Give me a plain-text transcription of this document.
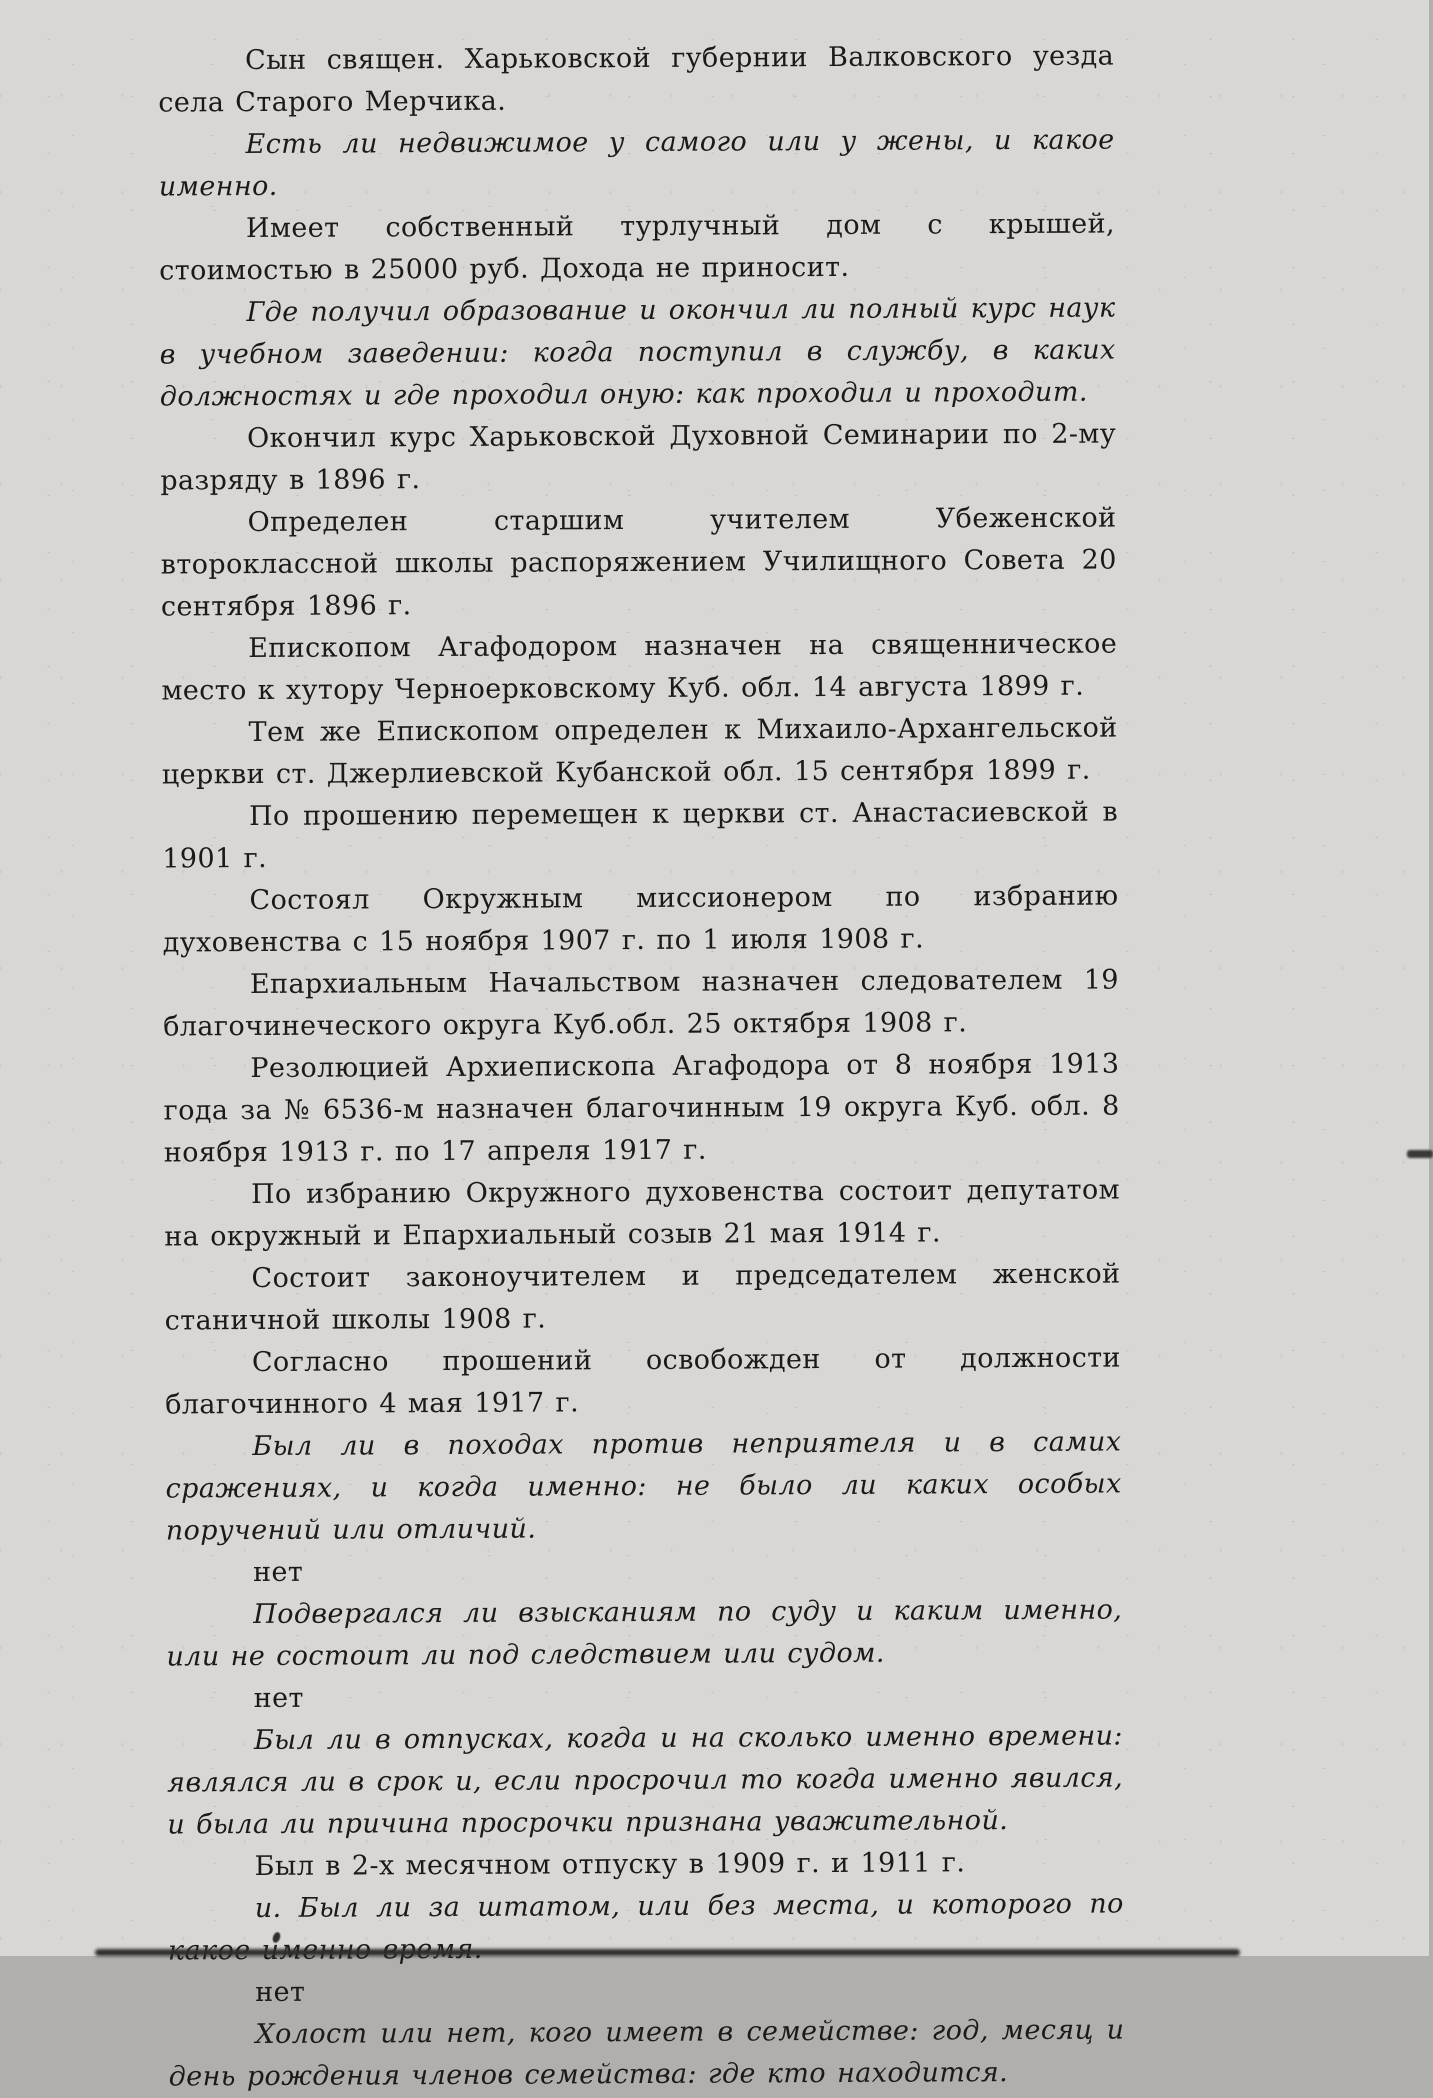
Сын священ. Харьковской губернии Валковского уезда села Старого Мерчика.

Есть ли недвижимое у самого или у жены, и какое именно.

Имеет собственный турлучный дом с крышей, стоимостью в 25000 руб. Дохода не приносит.

Где получил образование и окончил ли полный курс наук в учебном заведении: когда поступил в службу, в каких должностях и где проходил оную: как проходил и проходит.

Окончил курс Харьковской Духовной Семинарии по 2-му разряду в 1896 г.

Определен старшим учителем Убеженской второклассной школы распоряжением Училищного Совета 20 сентября 1896 г.

Епископом Агафодором назначен на священническое место к хутору Черноерковскому Куб. обл. 14 августа 1899 г.

Тем же Епископом определен к Михаило-Архангельской церкви ст. Джерлиевской Кубанской обл. 15 сентября 1899 г.

По прошению перемещен к церкви ст. Анастасиевской в 1901 г.

Состоял Окружным миссионером по избранию духовенства с 15 ноября 1907 г. по 1 июля 1908 г.

Епархиальным Начальством назначен следователем 19 благочинеческого округа Куб.обл. 25 октября 1908 г.

Резолюцией Архиепископа Агафодора от 8 ноября 1913 года за № 6536-м назначен благочинным 19 округа Куб. обл. 8 ноября 1913 г. по 17 апреля 1917 г.

По избранию Окружного духовенства состоит депутатом на окружный и Епархиальный созыв 21 мая 1914 г.

Состоит законоучителем и председателем женской станичной школы 1908 г.

Согласно прошений освобожден от должности благочинного 4 мая 1917 г.

Был ли в походах против неприятеля и в самих сражениях, и когда именно: не было ли каких особых поручений или отличий.

нет

Подвергался ли взысканиям по суду и каким именно, или не состоит ли под следствием или судом.

нет

Был ли в отпусках, когда и на сколько именно времени: являлся ли в срок и, если просрочил то когда именно явился, и была ли причина просрочки признана уважительной.

Был в 2-х месячном отпуску в 1909 г. и 1911 г.

и. Был ли за штатом, или без места, и которого по

нет

Холост или нет, кого имеет в семействе: год, месяц и день рождения членов семейства: где кто находится.
